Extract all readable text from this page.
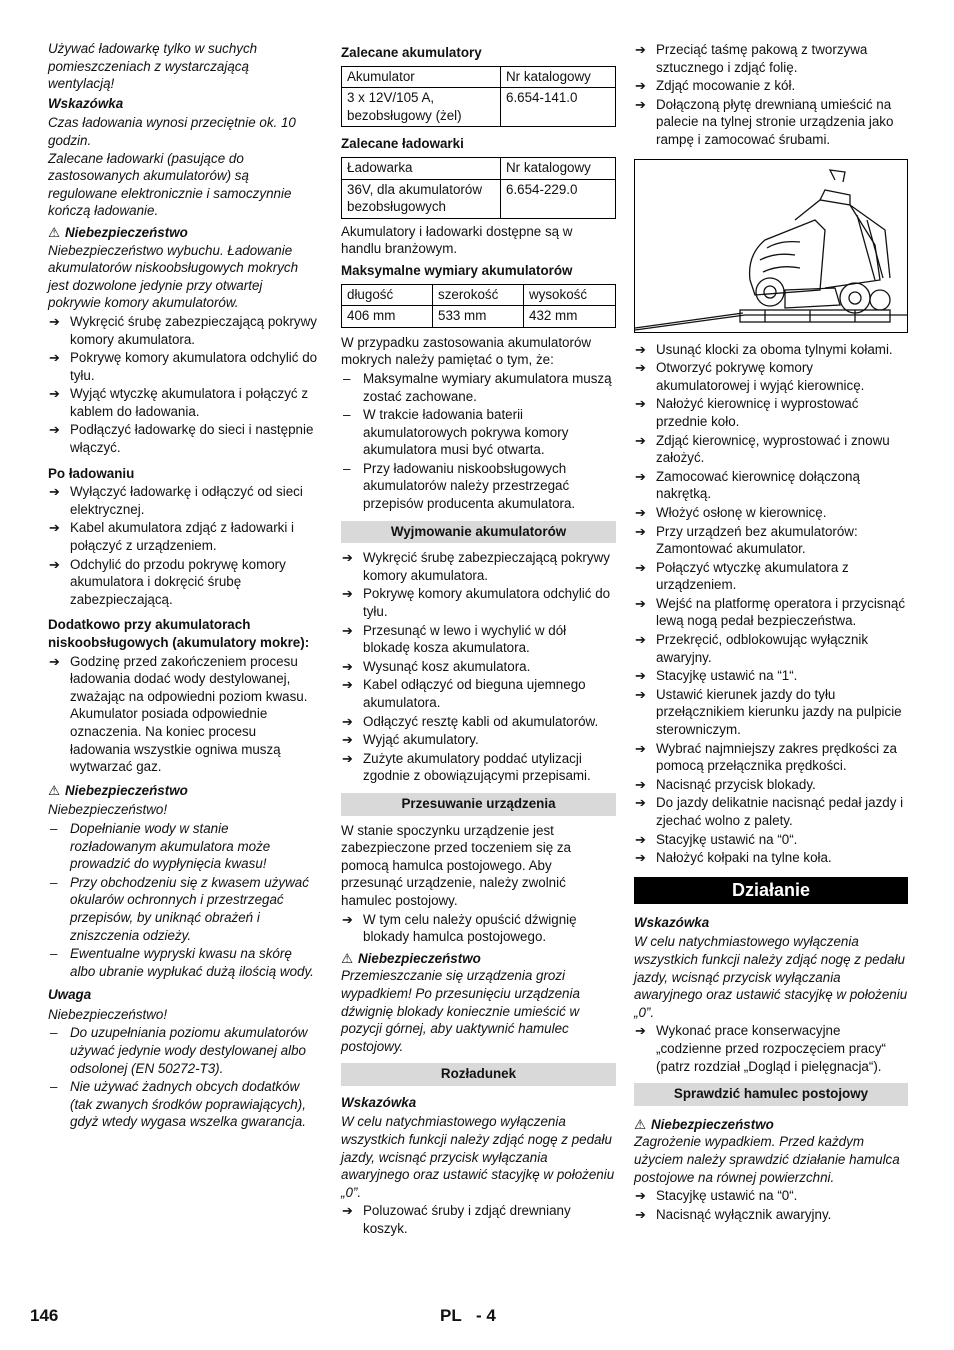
Używać ładowarkę tylko w suchych pomieszczeniach z wystarczającą wentylacją!

Wskazówka

Czas ładowania wynosi przeciętnie ok. 10 godzin.

Zalecane ładowarki (pasujące do zastosowanych akumulatorów) są regulowane elektronicznie i samoczynnie kończą ładowanie.

⚠ Niebezpieczeństwo

Niebezpieczeństwo wybuchu. Ładowanie akumulatorów niskoobsługowych mokrych jest dozwolone jedynie przy otwartej pokrywie komory akumulatorów.

➔ Wykręcić śrubę zabezpieczającą pokrywy komory akumulatora.

➔ Pokrywę komory akumulatora odchylić do tyłu.

➔ Wyjąć wtyczkę akumulatora i połączyć z kablem do ładowania.

➔ Podłączyć ładowarkę do sieci i następnie włączyć.

Po ładowaniu

➔ Wyłączyć ładowarkę i odłączyć od sieci elektrycznej.

➔ Kabel akumulatora zdjąć z ładowarki i połączyć z urządzeniem.

➔ Odchylić do przodu pokrywę komory akumulatora i dokręcić śrubę zabezpieczającą.

Dodatkowo przy akumulatorach niskoobsługowych (akumulatory mokre):

➔ Godzinę przed zakończeniem procesu ładowania dodać wody destylowanej, zważając na odpowiedni poziom kwasu. Akumulator posiada odpowiednie oznaczenia. Na koniec procesu ładowania wszystkie ogniwa muszą wytwarzać gaz.

⚠ Niebezpieczeństwo

Niebezpieczeństwo!

– Dopełnianie wody w stanie rozładowanym akumulatora może prowadzić do wypłynięcia kwasu!

– Przy obchodzeniu się z kwasem używać okularów ochronnych i przestrzegać przepisów, by uniknąć obrażeń i zniszczenia odzieży.

– Ewentualne wypryski kwasu na skórę albo ubranie wypłukać dużą ilością wody.

Uwaga

Niebezpieczeństwo!

– Do uzupełniania poziomu akumulatorów używać jedynie wody destylowanej albo odsolonej (EN 50272-T3).

– Nie używać żadnych obcych dodatków (tak zwanych środków poprawiających), gdyż wtedy wygasa wszelka gwarancja.

Zalecane akumulatory

Akumulator	Nr katalogowy
3 x 12V/105 A, bezobsługowy (żel)	6.654-141.0

Zalecane ładowarki

Ładowarka	Nr katalogowy
36V, dla akumulatorów bezobsługowych	6.654-229.0

Akumulatory i ładowarki dostępne są w handlu branżowym.

Maksymalne wymiary akumulatorów

długość	szerokość	wysokość
406 mm	533 mm	432 mm

W przypadku zastosowania akumulatorów mokrych należy pamiętać o tym, że:

– Maksymalne wymiary akumulatora muszą zostać zachowane.

– W trakcie ładowania baterii akumulatorowych pokrywa komory akumulatora musi być otwarta.

– Przy ładowaniu niskoobsługowych akumulatorów należy przestrzegać przepisów producenta akumulatora.

Wyjmowanie akumulatorów

➔ Wykręcić śrubę zabezpieczającą pokrywy komory akumulatora.

➔ Pokrywę komory akumulatora odchylić do tyłu.

➔ Przesunąć w lewo i wychylić w dół blokadę kosza akumulatora.

➔ Wysunąć kosz akumulatora.

➔ Kabel odłączyć od bieguna ujemnego akumulatora.

➔ Odłączyć resztę kabli od akumulatorów.

➔ Wyjąć akumulatory.

➔ Zużyte akumulatory poddać utylizacji zgodnie z obowiązującymi przepisami.

Przesuwanie urządzenia

W stanie spoczynku urządzenie jest zabezpieczone przed toczeniem się za pomocą hamulca postojowego. Aby przesunąć urządzenie, należy zwolnić hamulec postojowy.

➔ W tym celu należy opuścić dźwignię blokady hamulca postojowego.

⚠ Niebezpieczeństwo

Przemieszczanie się urządzenia grozi wypadkiem! Po przesunięciu urządzenia dźwignię blokady koniecznie umieścić w pozycji górnej, aby uaktywnić hamulec postojowy.

Rozładunek

Wskazówka

W celu natychmiastowego wyłączenia wszystkich funkcji należy zdjąć nogę z pedału jazdy, wcisnąć przycisk wyłączania awaryjnego oraz ustawić stacyjkę w położeniu „0”.

➔ Poluzować śruby i zdjąć drewniany koszyk.

➔ Przeciąć taśmę pakową z tworzywa sztucznego i zdjąć folię.

➔ Zdjąć mocowanie z kół.

➔ Dołączoną płytę drewnianą umieścić na palecie na tylnej stronie urządzenia jako rampę i zamocować śrubami.

➔ Usunąć klocki za oboma tylnymi kołami.

➔ Otworzyć pokrywę komory akumulatorowej i wyjąć kierownicę.

➔ Nałożyć kierownicę i wyprostować przednie koło.

➔ Zdjąć kierownicę, wyprostować i znowu założyć.

➔ Zamocować kierownicę dołączoną nakrętką.

➔ Włożyć osłonę w kierownicę.

➔ Przy urządzeń bez akumulatorów: Zamontować akumulator.

➔ Połączyć wtyczkę akumulatora z urządzeniem.

➔ Wejść na platformę operatora i przycisnąć lewą nogą pedał bezpieczeństwa.

➔ Przekręcić, odblokowując wyłącznik awaryjny.

➔ Stacyjkę ustawić na “1“.

➔ Ustawić kierunek jazdy do tyłu przełącznikiem kierunku jazdy na pulpicie sterowniczym.

➔ Wybrać najmniejszy zakres prędkości za pomocą przełącznika prędkości.

➔ Nacisnąć przycisk blokady.

➔ Do jazdy delikatnie nacisnąć pedał jazdy i zjechać wolno z palety.

➔ Stacyjkę ustawić na “0“.

➔ Nałożyć kołpaki na tylne koła.

Działanie

Wskazówka

W celu natychmiastowego wyłączenia wszystkich funkcji należy zdjąć nogę z pedału jazdy, wcisnąć przycisk wyłączania awaryjnego oraz ustawić stacyjkę w położeniu „0”.

➔ Wykonać prace konserwacyjne „codzienne przed rozpoczęciem pracy“ (patrz rozdział „Dogląd i pielęgnacja“).

Sprawdzić hamulec postojowy

⚠ Niebezpieczeństwo

Zagrożenie wypadkiem. Przed każdym użyciem należy sprawdzić działanie hamulca postojowe na równej powierzchni.

➔ Stacyjkę ustawić na “0“.

➔ Nacisnąć wyłącznik awaryjny.

146	PL - 4
